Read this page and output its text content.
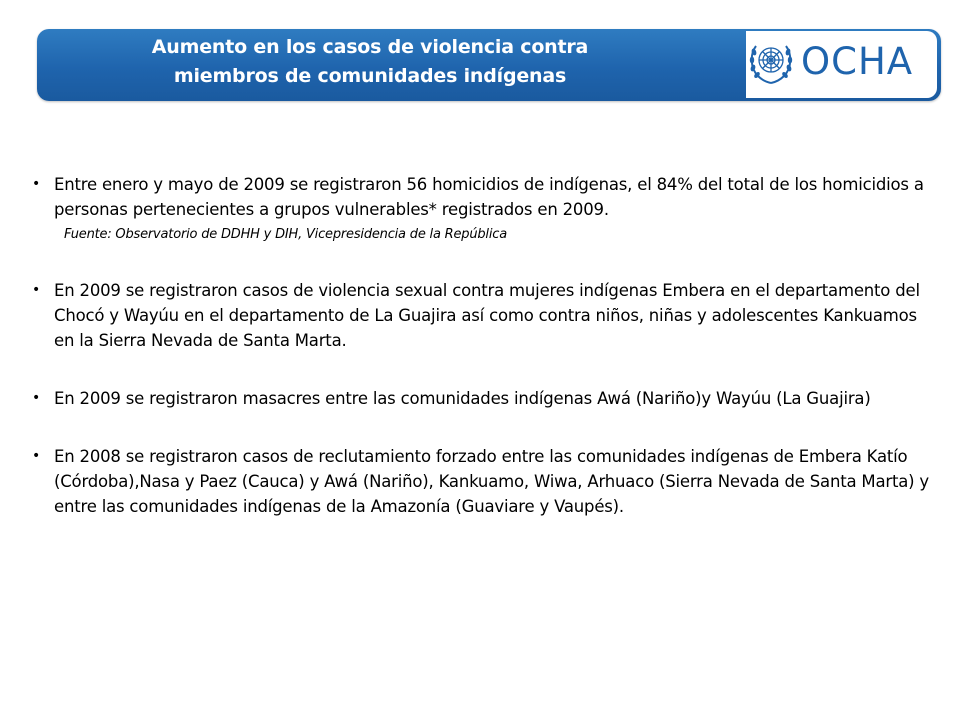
Aumento en los casos de violencia contra
miembros de comunidades indígenas	OCHA
• Entre enero y mayo de 2009 se registraron 56 homicidios de indígenas, el 84% del total de los homicidios a personas pertenecientes a grupos vulnerables* registrados en 2009.
Fuente: Observatorio de DDHH y DIH, Vicepresidencia de la República
• En 2009 se registraron casos de violencia sexual contra mujeres indígenas Embera en el departamento del Chocó y Wayúu en el departamento de La Guajira así como contra niños, niñas y adolescentes Kankuamos en la Sierra Nevada de Santa Marta.
• En 2009 se registraron masacres entre las comunidades indígenas Awá (Nariño)y Wayúu (La Guajira)
• En 2008 se registraron casos de reclutamiento forzado entre las comunidades indígenas de Embera Katío (Córdoba),Nasa y Paez (Cauca) y Awá (Nariño), Kankuamo, Wiwa, Arhuaco (Sierra Nevada de Santa Marta) y entre las comunidades indígenas de la Amazonía (Guaviare y Vaupés).
